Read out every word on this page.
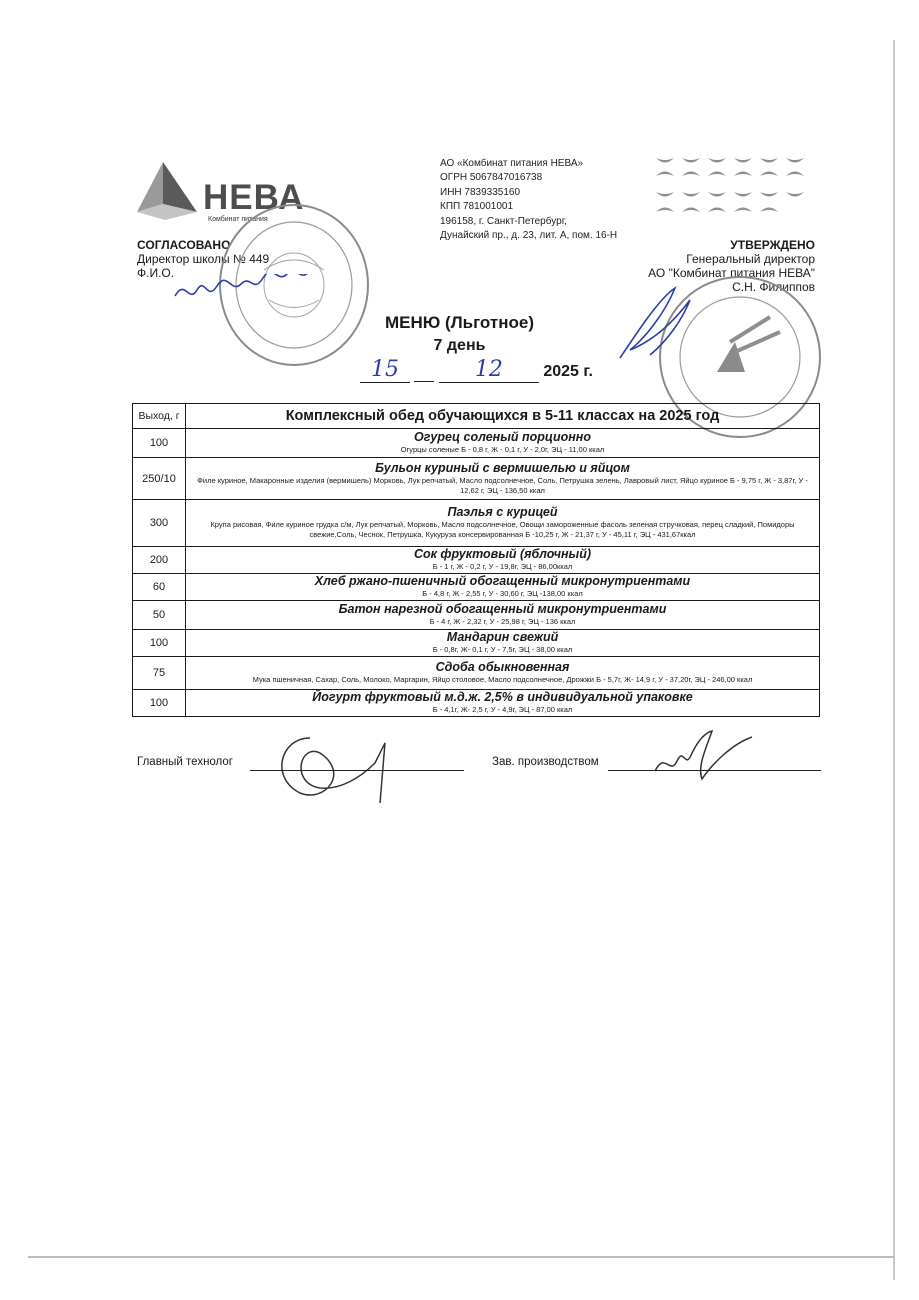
НЕВА
Комбинат питания
АО «Комбинат питания НЕВА»
ОГРН 5067847016738
ИНН 7839335160
КПП 781001001
196158, г. Санкт-Петербург,
Дунайский пр., д. 23, лит. А, пом. 16-Н
СОГЛАСОВАНО
Директор школы № 449
Ф.И.О.
УТВЕРЖДЕНО
Генеральный директор
АО "Комбинат питания НЕВА"
С.Н. Филиппов
МЕНЮ (Льготное)
7 день
15	12	2025 г.
Выход, г	Комплексный обед обучающихся в 5-11 классах на 2025 год

100	Огурец соленый порционно
Огурцы соленые Б - 0,8 г, Ж - 0,1 г, У - 2,0г, ЭЦ - 11,00 ккал

250/10	Бульон куриный с вермишелью и яйцом
Филе куриное, Макаронные изделия (вермишель) Морковь, Лук репчатый, Масло подсолнечное, Соль, Петрушка зелень, Лавровый лист, Яйцо куриное Б - 9,75 г, Ж - 3,87г, У - 12,62 г, ЭЦ - 136,50 ккал

300	Паэлья с курицей
Крупа рисовая, Филе куриное грудка с/м, Лук репчатый, Морковь, Масло подсолнечное, Овощи замороженные фасоль зеленая стручковая, перец сладкий, Помидоры свежие,Соль, Чеснок, Петрушка, Кукуруза консервированная Б -10,25 г, Ж - 21,37 г, У - 45,11 г, ЭЦ - 431,67ккал

200	Сок фруктовый (яблочный)
Б - 1 г, Ж - 0,2 г, У - 19,8г, ЭЦ - 86,00ккал

60	Хлеб ржано-пшеничный обогащенный микронутриентами
Б - 4,8 г, Ж - 2,55 г, У - 30,60 г, ЭЦ -138,00 ккал

50	Батон нарезной обогащенный микронутриентами
Б - 4 г, Ж - 2,32 г, У - 25,98 г, ЭЦ - 136 ккал

100	Мандарин свежий
Б - 0,8г, Ж- 0,1 г, У - 7,5г, ЭЦ - 38,00 ккал

75	Сдоба обыкновенная
Мука пшеничная, Сахар, Соль, Молоко, Маргарин, Яйцо столовое, Масло подсолнечное, Дрожжи Б - 5,7г, Ж- 14,9 г, У - 37,20г, ЭЦ - 246,00 ккал

100	Йогурт фруктовый м.д.ж. 2,5% в индивидуальной упаковке
Б - 4,1г, Ж- 2,5 г, У - 4,9г, ЭЦ - 87,00 ккал
Главный технолог	Зав. производством
